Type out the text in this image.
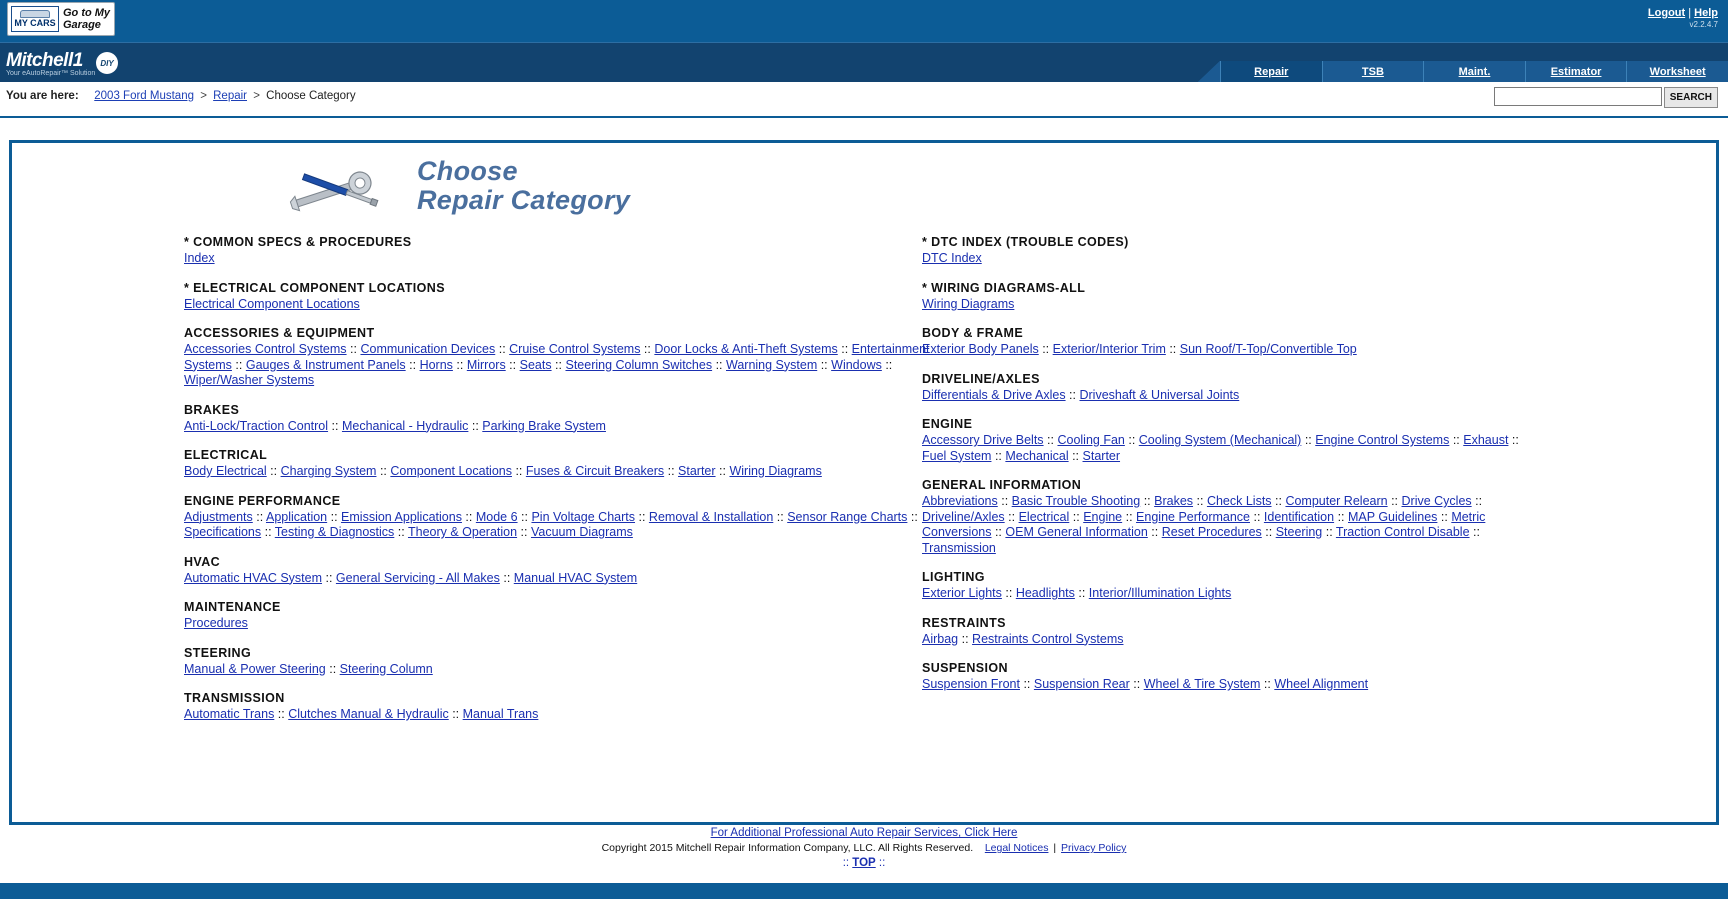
MY CARS
Go to My
Garage
Logout | Help
v2.2.4.7
Mitchell1
Your eAutoRepair™ Solution
DIY
Repair	TSB	Maint.	Estimator	Worksheet
You are here: 2003 Ford Mustang > Repair > Choose Category	SEARCH
Choose
Repair Category
* COMMON SPECS & PROCEDURES
Index
* ELECTRICAL COMPONENT LOCATIONS
Electrical Component Locations
ACCESSORIES & EQUIPMENT
Accessories Control Systems :: Communication Devices :: Cruise Control Systems :: Door Locks & Anti-Theft Systems :: Entertainment Systems :: Gauges & Instrument Panels :: Horns :: Mirrors :: Seats :: Steering Column Switches :: Warning System :: Windows :: Wiper/Washer Systems
BRAKES
Anti-Lock/Traction Control :: Mechanical - Hydraulic :: Parking Brake System
ELECTRICAL
Body Electrical :: Charging System :: Component Locations :: Fuses & Circuit Breakers :: Starter :: Wiring Diagrams
ENGINE PERFORMANCE
Adjustments :: Application :: Emission Applications :: Mode 6 :: Pin Voltage Charts :: Removal & Installation :: Sensor Range Charts :: Specifications :: Testing & Diagnostics :: Theory & Operation :: Vacuum Diagrams
HVAC
Automatic HVAC System :: General Servicing - All Makes :: Manual HVAC System
MAINTENANCE
Procedures
STEERING
Manual & Power Steering :: Steering Column
TRANSMISSION
Automatic Trans :: Clutches Manual & Hydraulic :: Manual Trans
* DTC INDEX (TROUBLE CODES)
DTC Index
* WIRING DIAGRAMS-ALL
Wiring Diagrams
BODY & FRAME
Exterior Body Panels :: Exterior/Interior Trim :: Sun Roof/T-Top/Convertible Top
DRIVELINE/AXLES
Differentials & Drive Axles :: Driveshaft & Universal Joints
ENGINE
Accessory Drive Belts :: Cooling Fan :: Cooling System (Mechanical) :: Engine Control Systems :: Exhaust :: Fuel System :: Mechanical :: Starter
GENERAL INFORMATION
Abbreviations :: Basic Trouble Shooting :: Brakes :: Check Lists :: Computer Relearn :: Drive Cycles :: Driveline/Axles :: Electrical :: Engine :: Engine Performance :: Identification :: MAP Guidelines :: Metric Conversions :: OEM General Information :: Reset Procedures :: Steering :: Traction Control Disable :: Transmission
LIGHTING
Exterior Lights :: Headlights :: Interior/Illumination Lights
RESTRAINTS
Airbag :: Restraints Control Systems
SUSPENSION
Suspension Front :: Suspension Rear :: Wheel & Tire System :: Wheel Alignment
For Additional Professional Auto Repair Services, Click Here
Copyright 2015 Mitchell Repair Information Company, LLC. All Rights Reserved. Legal Notices | Privacy Policy
:: TOP ::
